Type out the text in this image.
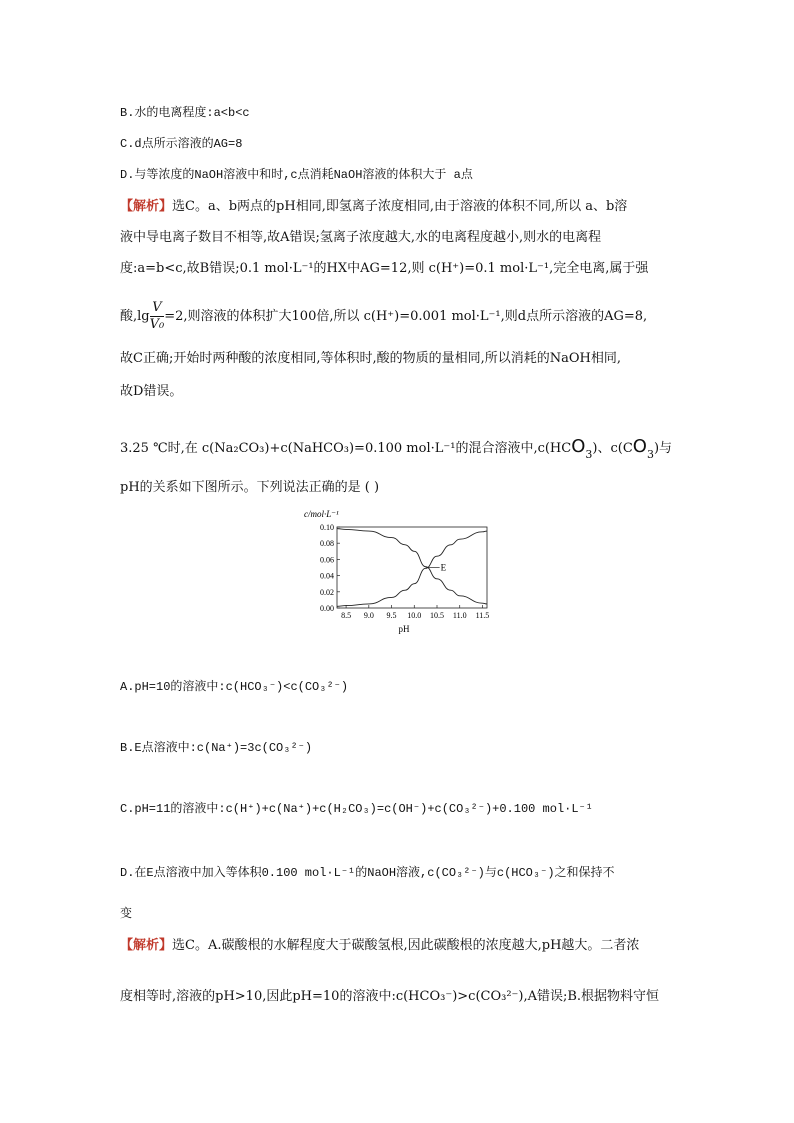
B.水的电离程度:a<b<c
C.d点所示溶液的AG=8
D.与等浓度的NaOH溶液中和时,c点消耗NaOH溶液的体积大于 a点
【解析】选C。a、b两点的pH相同,即氢离子浓度相同,由于溶液的体积不同,所以 a、b溶
液中导电离子数目不相等,故A错误;氢离子浓度越大,水的电离程度越小,则水的电离程
度:a=b<c,故B错误;0.1 mol·L⁻¹的HX中AG=12,则 c(H⁺)=0.1 mol·L⁻¹,完全电离,属于强
酸$,\lg \frac{V}{\text{V₀}} =2$,则溶液的体积扩大100倍,所以 c(H⁺)=0.001 mol·L⁻¹,则d点所示溶液的AG=8,
故C正确;开始时两种酸的浓度相同,等体积时,酸的物质的量相同,所以消耗的NaOH相同,
故D错误。
3.25 ℃时,在 c(Na₂CO₃)+c(NaHCO₃)=0.100 mol·L⁻¹的混合溶液中$,c(HCO_3)$、$c(CO_3)$与
pH的关系如下图所示。下列说法正确的是 ( )
c/mol·L⁻¹
0.00
0.02
0.04
0.06
0.08
0.10
8.5 9.0 9.5 10.0 10.5 11.0 11.5
E
pH
A.pH=10的溶液中:c(HCO₃⁻)<c(CO₃²⁻)
B.E点溶液中:c(Na⁺)=3c(CO₃²⁻)
C.pH=11的溶液中:c(H⁺)+c(Na⁺)+c(H₂CO₃)=c(OH⁻)+c(CO₃²⁻)+0.100 mol·L⁻¹
D.在E点溶液中加入等体积0.100 mol·L⁻¹的NaOH溶液,c(CO₃²⁻)与c(HCO₃⁻)之和保持不
变
【解析】选C。A.碳酸根的水解程度大于碳酸氢根,因此碳酸根的浓度越大,pH越大。二者浓
度相等时,溶液的pH>10,因此pH=10的溶液中:c(HCO₃⁻)>c(CO₃²⁻),A错误;B.根据物料守恒
